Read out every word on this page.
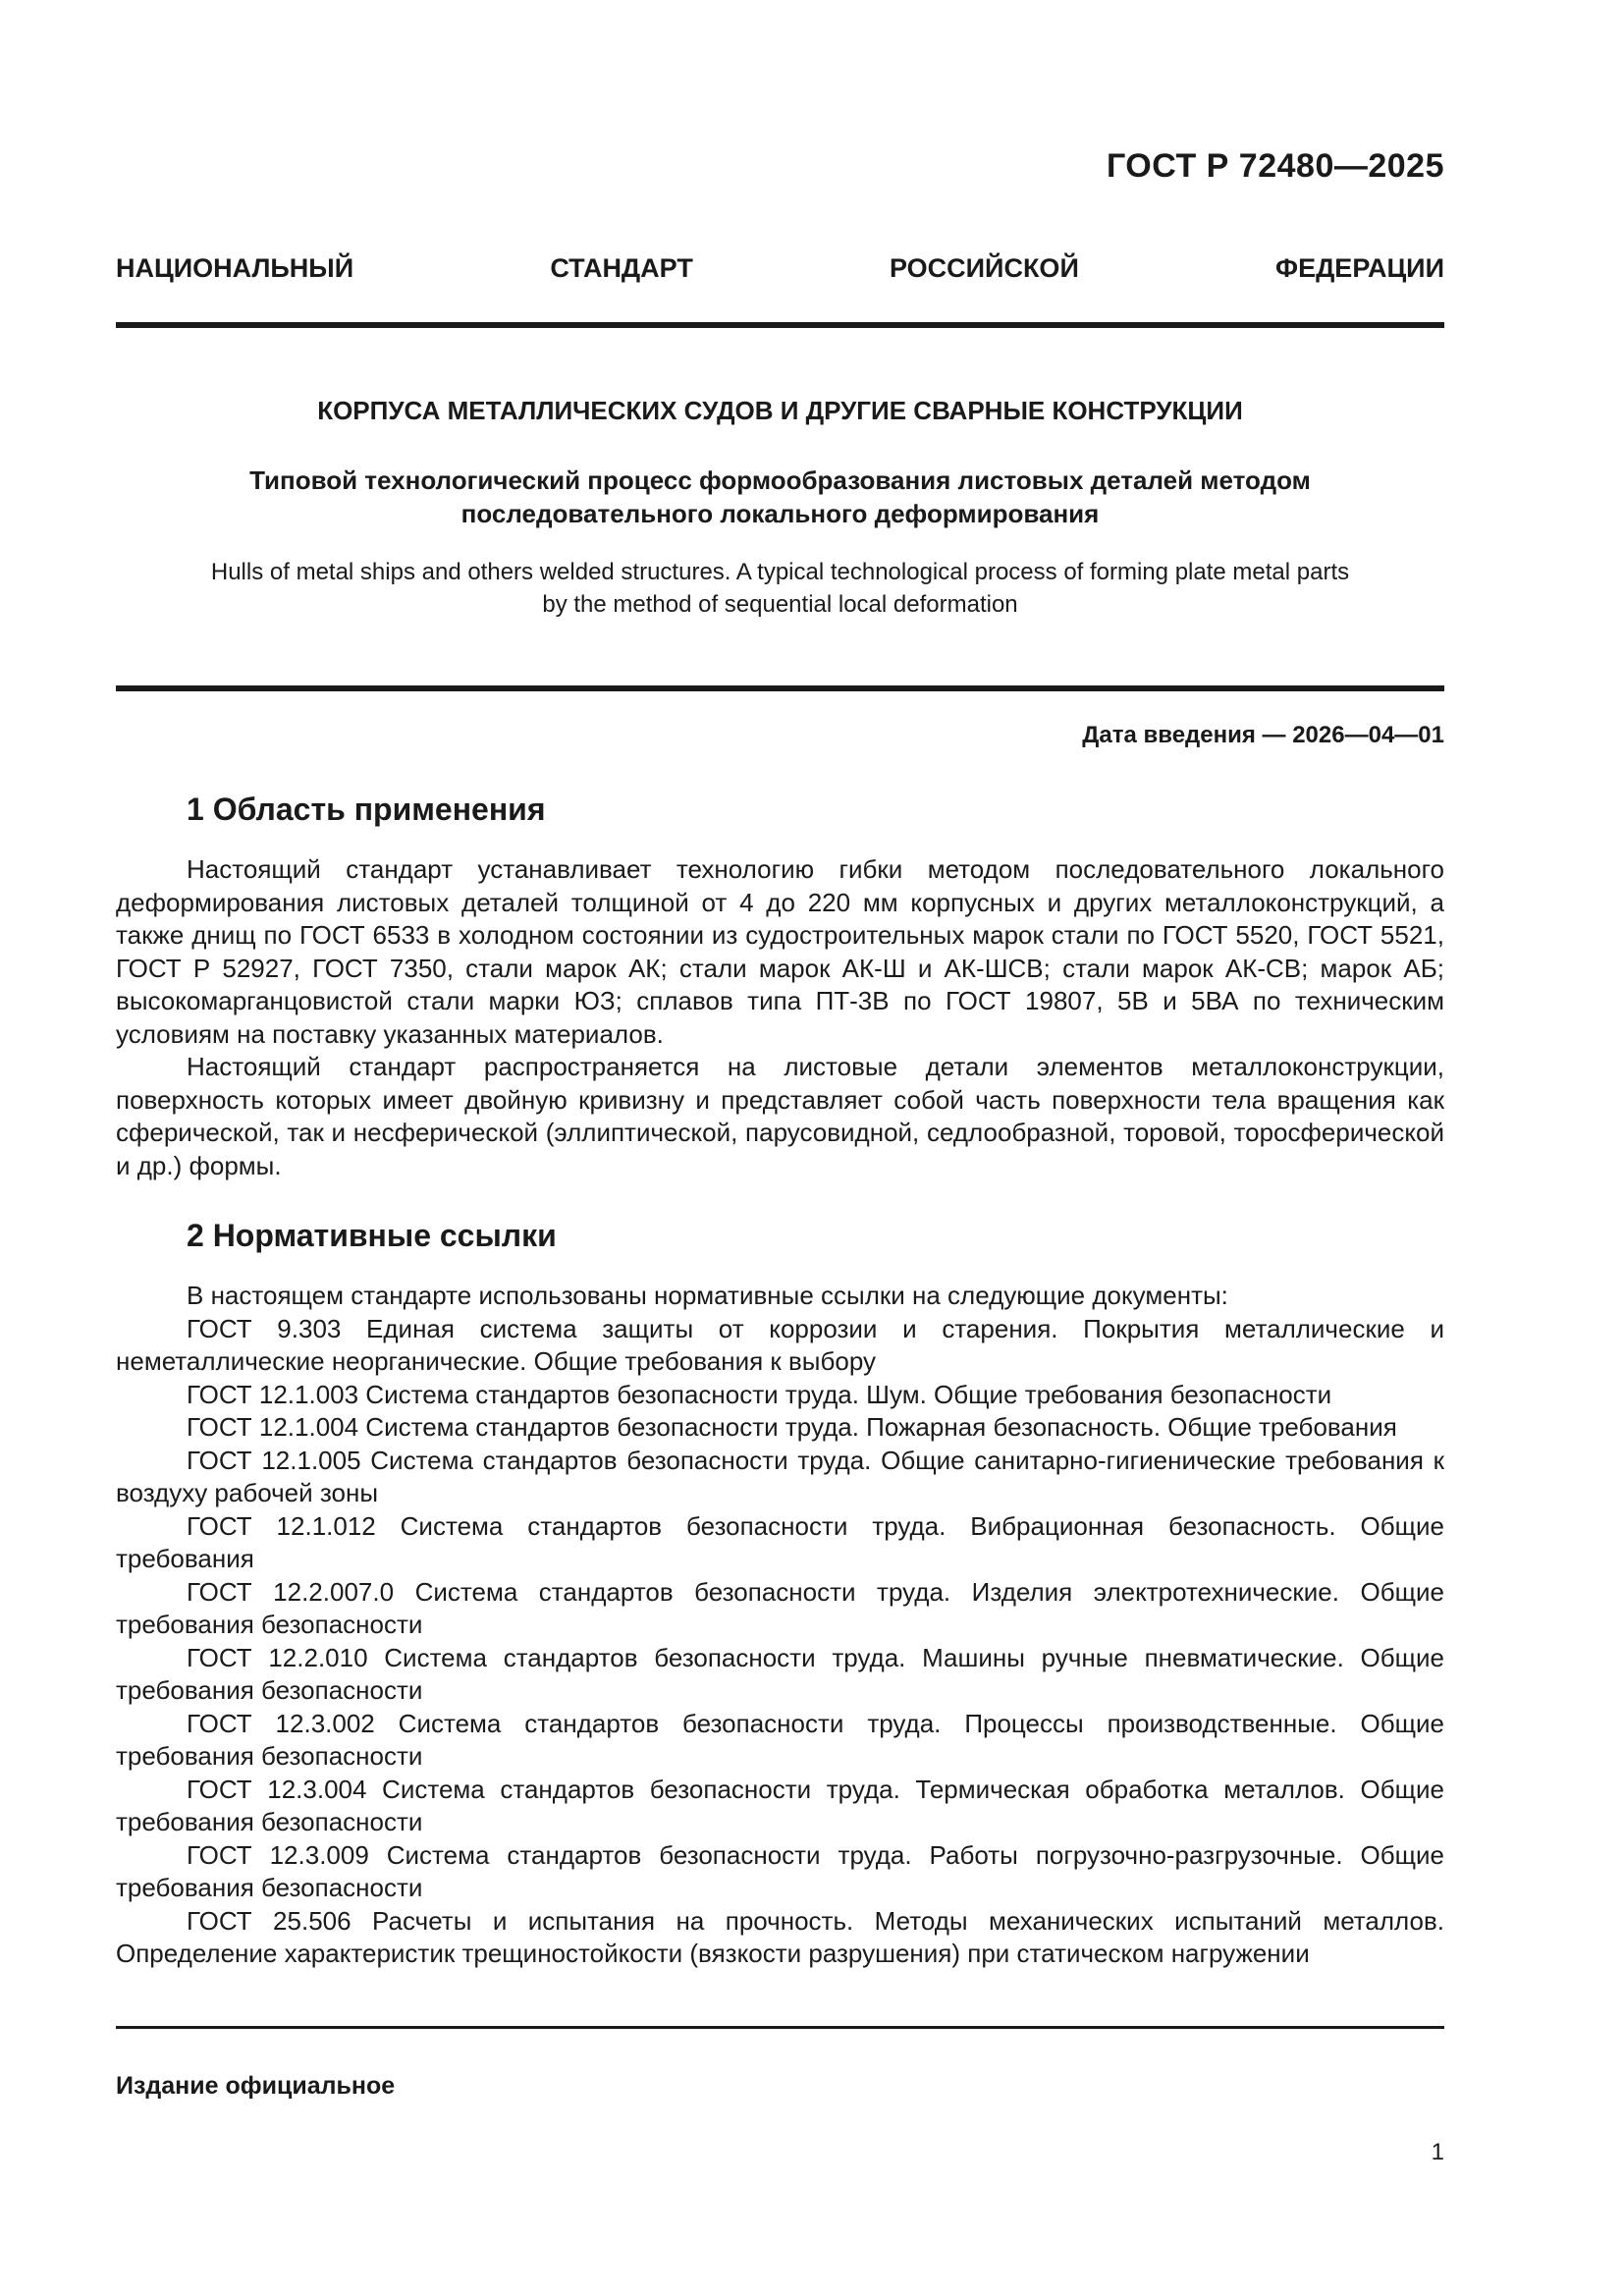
ГОСТ Р 72480—2025
НАЦИОНАЛЬНЫЙ СТАНДАРТ РОССИЙСКОЙ ФЕДЕРАЦИИ
КОРПУСА МЕТАЛЛИЧЕСКИХ СУДОВ И ДРУГИЕ СВАРНЫЕ КОНСТРУКЦИИ
Типовой технологический процесс формообразования листовых деталей методом
последовательного локального деформирования
Hulls of metal ships and others welded structures. A typical technological process of forming plate metal parts
by the method of sequential local deformation
Дата введения — 2026—04—01
1 Область применения

Настоящий стандарт устанавливает технологию гибки методом последовательного локального деформирования листовых деталей толщиной от 4 до 220 мм корпусных и других металлоконструкций, а также днищ по ГОСТ 6533 в холодном состоянии из судостроительных марок стали по ГОСТ 5520, ГОСТ 5521, ГОСТ Р 52927, ГОСТ 7350, стали марок АК; стали марок АК-Ш и АК-ШСВ; стали марок АК-СВ; марок АБ; высокомарганцовистой стали марки ЮЗ; сплавов типа ПТ-3В по ГОСТ 19807, 5В и 5ВА по техническим условиям на поставку указанных материалов.

Настоящий стандарт распространяется на листовые детали элементов металлоконструкции, поверхность которых имеет двойную кривизну и представляет собой часть поверхности тела вращения как сферической, так и несферической (эллиптической, парусовидной, седлообразной, торовой, торосферической и др.) формы.

2 Нормативные ссылки

В настоящем стандарте использованы нормативные ссылки на следующие документы:

ГОСТ 9.303 Единая система защиты от коррозии и старения. Покрытия металлические и неметаллические неорганические. Общие требования к выбору

ГОСТ 12.1.003 Система стандартов безопасности труда. Шум. Общие требования безопасности

ГОСТ 12.1.004 Система стандартов безопасности труда. Пожарная безопасность. Общие требования

ГОСТ 12.1.005 Система стандартов безопасности труда. Общие санитарно-гигиенические требования к воздуху рабочей зоны

ГОСТ 12.1.012 Система стандартов безопасности труда. Вибрационная безопасность. Общие требования

ГОСТ 12.2.007.0 Система стандартов безопасности труда. Изделия электротехнические. Общие требования безопасности

ГОСТ 12.2.010 Система стандартов безопасности труда. Машины ручные пневматические. Общие требования безопасности

ГОСТ 12.3.002 Система стандартов безопасности труда. Процессы производственные. Общие требования безопасности

ГОСТ 12.3.004 Система стандартов безопасности труда. Термическая обработка металлов. Общие требования безопасности

ГОСТ 12.3.009 Система стандартов безопасности труда. Работы погрузочно-разгрузочные. Общие требования безопасности

ГОСТ 25.506 Расчеты и испытания на прочность. Методы механических испытаний металлов. Определение характеристик трещиностойкости (вязкости разрушения) при статическом нагружении

Издание официальное
1
